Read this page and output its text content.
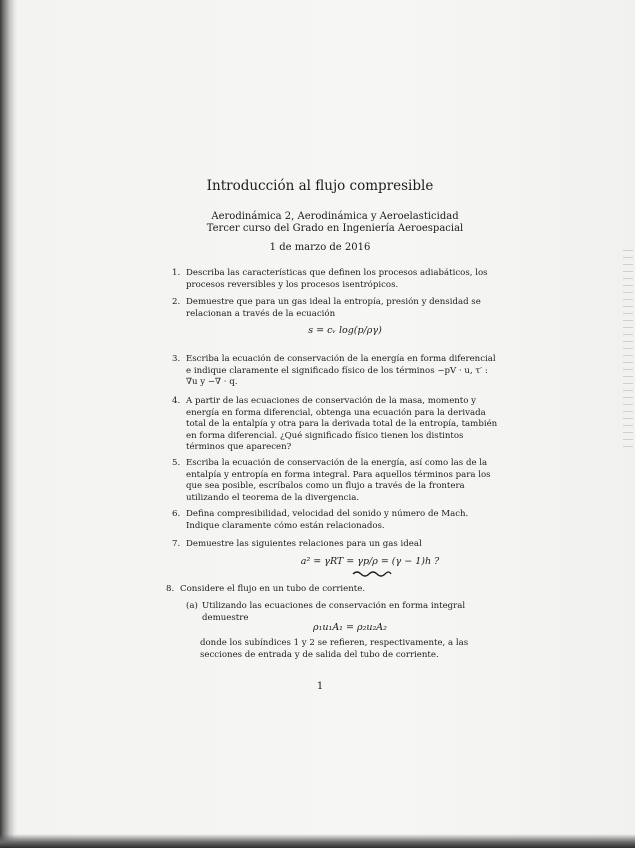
Introducción al flujo compresible
Aerodinámica 2, Aerodinámica y Aeroelasticidad
Tercer curso del Grado en Ingeniería Aeroespacial
1 de marzo de 2016
1. Describa las características que definen los procesos adiabáticos, los procesos reversibles y los procesos isentrópicos.
2. Demuestre que para un gas ideal la entropía, presión y densidad se relacionan a través de la ecuación
s = cᵥ log(p/ργ)
3. Escriba la ecuación de conservación de la energía en forma diferencial e indique claramente el significado físico de los términos −pV · u, τ′ : ∇u y −∇ · q.
4. A partir de las ecuaciones de conservación de la masa, momento y energía en forma diferencial, obtenga una ecuación para la derivada total de la entalpía y otra para la derivada total de la entropía, también en forma diferencial. ¿Qué significado físico tienen los distintos términos que aparecen?
5. Escriba la ecuación de conservación de la energía, así como las de la entalpía y entropía en forma integral. Para aquellos términos para los que sea posible, escríbalos como un flujo a través de la frontera utilizando el teorema de la divergencia.
6. Defina compresibilidad, velocidad del sonido y número de Mach. Indique claramente cómo están relacionados.
7. Demuestre las siguientes relaciones para un gas ideal
a² = γRT = γp/ρ = (γ − 1)h ?
8. Considere el flujo en un tubo de corriente.
(a) Utilizando las ecuaciones de conservación en forma integral demuestre
ρ₁u₁A₁ = ρ₂u₂A₂
donde los subíndices 1 y 2 se refieren, respectivamente, a las secciones de entrada y de salida del tubo de corriente.
1
